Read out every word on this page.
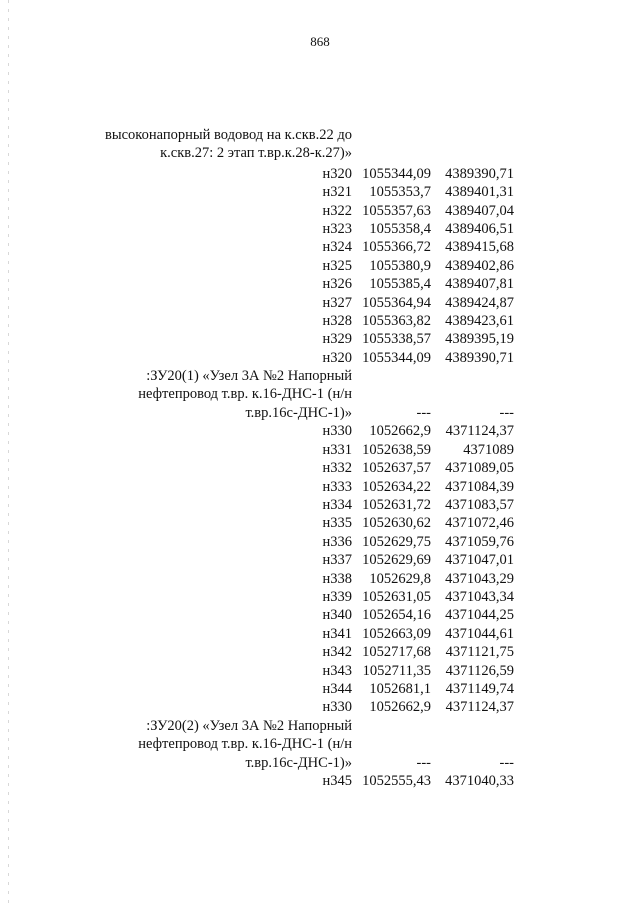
868
высоконапорный водовод на к.скв.22 до
к.скв.27: 2 этап т.вр.к.28-к.27)»
н320 1055344,09 4389390,71
н321	1055353,7 4389401,31
н322 1055357,63 4389407,04
н323	1055358,4 4389406,51
н324 1055366,72 4389415,68
н325	1055380,9 4389402,86
н326	1055385,4 4389407,81
н327 1055364,94 4389424,87
н328 1055363,82 4389423,61
н329 1055338,57 4389395,19
н320 1055344,09 4389390,71
:ЗУ20(1) «Узел 3А №2 Напорный
нефтепровод т.вр. к.16-ДНС-1 (н/н
т.вр.16с-ДНС-1)»	---	---
н330	1052662,9	4371124,37
н331 1052638,59	4371089
н332 1052637,57 4371089,05
н333 1052634,22 4371084,39
н334 1052631,72 4371083,57
н335 1052630,62 4371072,46
н336 1052629,75 4371059,76
н337 1052629,69 4371047,01
н338	1052629,8 4371043,29
н339 1052631,05 4371043,34
н340 1052654,16 4371044,25
н341 1052663,09 4371044,61
н342 1052717,68	4371121,75
н343 1052711,35	4371126,59
н344	1052681,1	4371149,74
н330	1052662,9	4371124,37
:ЗУ20(2) «Узел 3А №2 Напорный
нефтепровод т.вр. к.16-ДНС-1 (н/н
т.вр.16с-ДНС-1)»	---	---
н345 1052555,43 4371040,33
